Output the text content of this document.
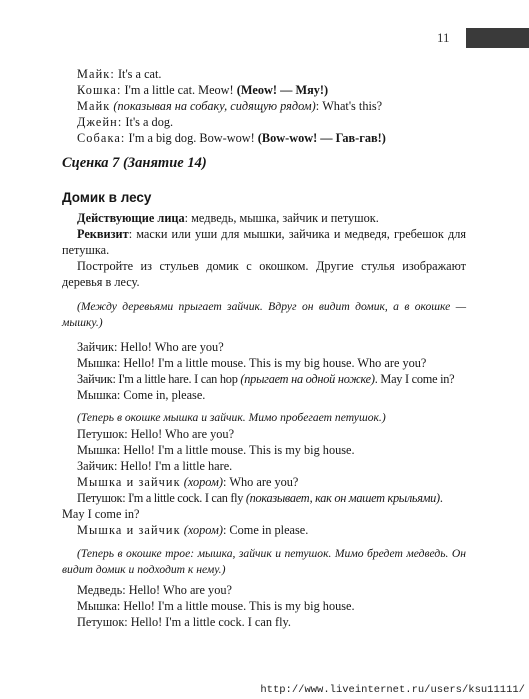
11
Майк: It's a cat.
Кошка: I'm a little cat. Meow! (Meow! — Мяу!)
Майк (показывая на собаку, сидящую рядом): What's this?
Джейн: It's a dog.
Собака: I'm a big dog. Bow-wow! (Bow-wow! — Гав-гав!)
Сценка 7 (Занятие 14)
Домик в лесу
Действующие лица: медведь, мышка, зайчик и петушок.
Реквизит: маски или уши для мышки, зайчика и медведя, гребешок для петушка.
Постройте из стульев домик с окошком. Другие стулья изображают деревья в лесу.
(Между деревьями прыгает зайчик. Вдруг он видит домик, а в окошке — мышку.)
Зайчик: Hello! Who are you?
Мышка: Hello! I'm a little mouse. This is my big house. Who are you?
Зайчик: I'm a little hare. I can hop (прыгает на одной ножке). May I come in?
Мышка: Come in, please.
(Теперь в окошке мышка и зайчик. Мимо пробегает петушок.)
Петушок: Hello! Who are you?
Мышка: Hello! I'm a little mouse. This is my big house.
Зайчик: Hello! I'm a little hare.
Мышка и зайчик (хором): Who are you?
Петушок: I'm a little cock. I can fly (показывает, как он машет крыльями).
May I come in?
Мышка и зайчик (хором): Come in please.
(Теперь в окошке трое: мышка, зайчик и петушок. Мимо бредет медведь. Он видит домик и подходит к нему.)
Медведь: Hello! Who are you?
Мышка: Hello! I'm a little mouse. This is my big house.
Петушок: Hello! I'm a little cock. I can fly.
http://www.liveinternet.ru/users/ksu11111/
